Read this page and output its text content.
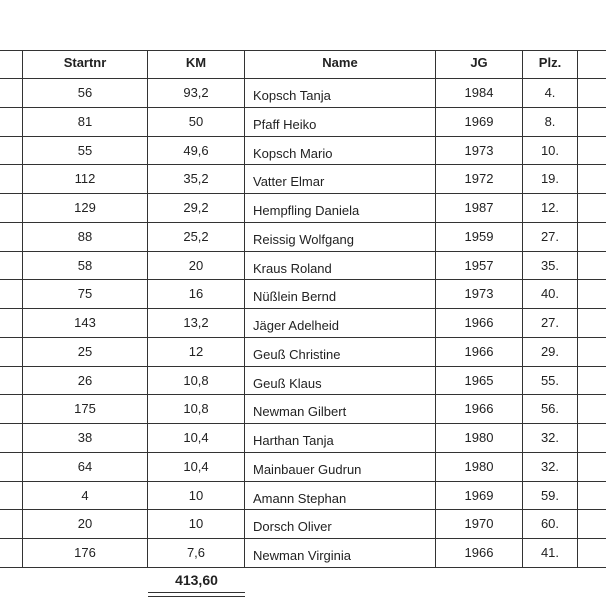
Startnr	KM	Name	JG	Plz.
56	93,2	Kopsch Tanja	1984	4.
81	50	Pfaff Heiko	1969	8.
55	49,6	Kopsch Mario	1973	10.
112	35,2	Vatter Elmar	1972	19.
129	29,2	Hempfling Daniela	1987	12.
88	25,2	Reissig Wolfgang	1959	27.
58	20	Kraus Roland	1957	35.
75	16	Nüßlein Bernd	1973	40.
143	13,2	Jäger Adelheid	1966	27.
25	12	Geuß Christine	1966	29.
26	10,8	Geuß Klaus	1965	55.
175	10,8	Newman Gilbert	1966	56.
38	10,4	Harthan Tanja	1980	32.
64	10,4	Mainbauer Gudrun	1980	32.
4	10	Amann Stephan	1969	59.
20	10	Dorsch Oliver	1970	60.
176	7,6	Newman Virginia	1966	41.
413,60
